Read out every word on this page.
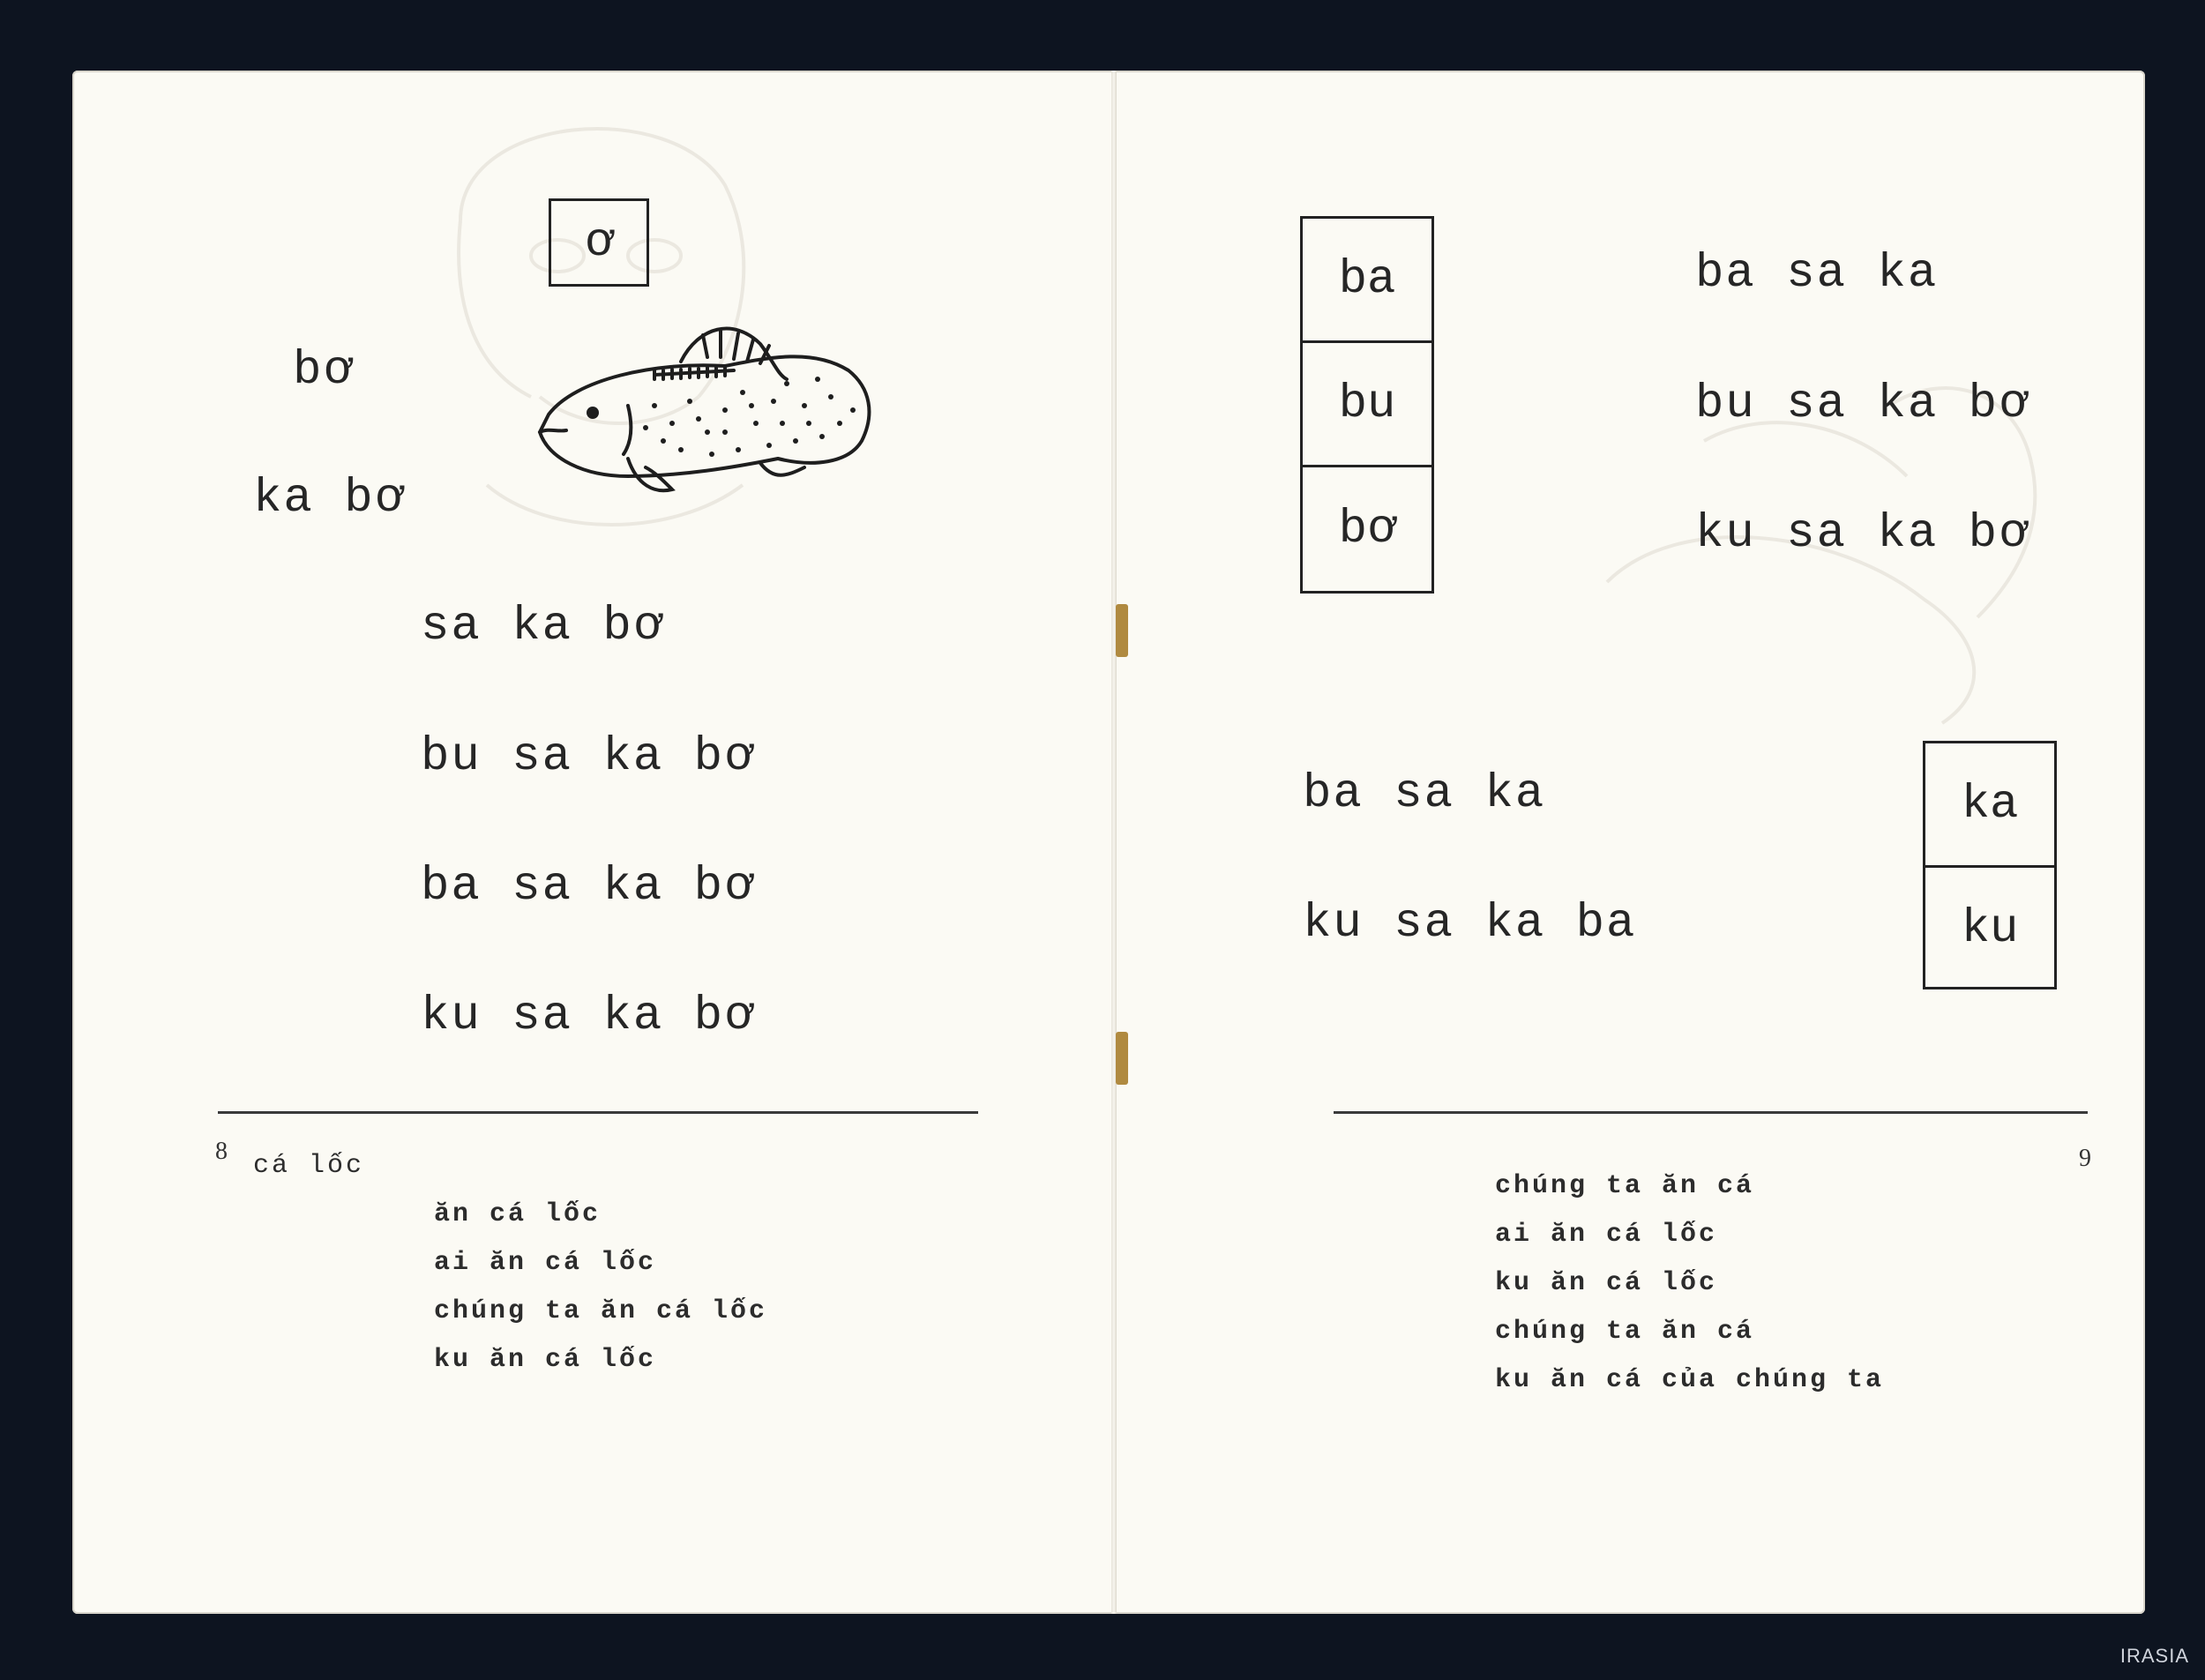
ơ
bơ
ka bơ
sa ka bơ
bu sa ka bơ
ba sa ka bơ
ku sa ka bơ
8 cá lốc
ăn cá lốc
ai ăn cá lốc
chúng ta ăn cá lốc
ku ăn cá lốc
ba
bu
bơ
ba sa ka
bu sa ka bơ
ku sa ka bơ
ba sa ka
ku sa ka ba
ka
ku
9
chúng ta ăn cá
ai ăn cá lốc
ku ăn cá lốc
chúng ta ăn cá
ku ăn cá của chúng ta
IRASIA
